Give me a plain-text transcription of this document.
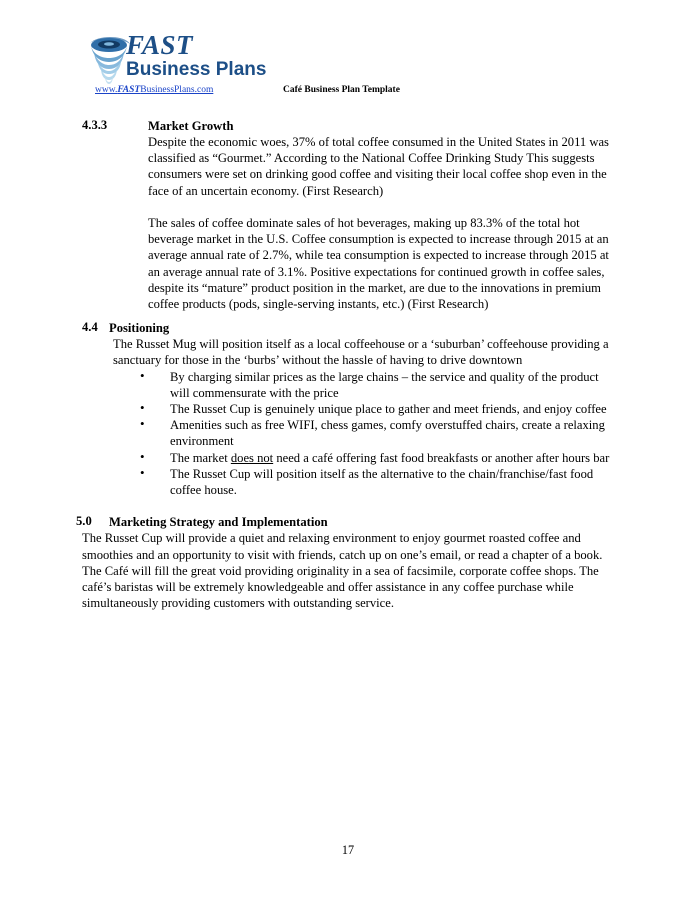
FAST
Business Plans
www.FASTBusinessPlans.com	Café Business Plan Template
4.3.3	Market Growth

Despite the economic woes, 37% of total coffee consumed in the United States in 2011 was classified as “Gourmet.” According to the National Coffee Drinking Study This suggests consumers were set on drinking good coffee and visiting their local coffee shop even in the face of an uncertain economy. (First Research)

The sales of coffee dominate sales of hot beverages, making up 83.3% of the total hot beverage market in the U.S. Coffee consumption is expected to increase through 2015 at an average annual rate of 2.7%, while tea consumption is expected to increase through 2015 at an average annual rate of 3.1%. Positive expectations for continued growth in coffee sales, despite its “mature” product position in the market, are due to the innovations in premium coffee products (pods, single-serving instants, etc.) (First Research)

4.4 Positioning

The Russet Mug will position itself as a local coffeehouse or a ‘suburban’ coffeehouse providing a sanctuary for those in the ‘burbs’ without the hassle of having to drive downtown

• By charging similar prices as the large chains – the service and quality of the product will commensurate with the price
• The Russet Cup is genuinely unique place to gather and meet friends, and enjoy coffee
• Amenities such as free WIFI, chess games, comfy overstuffed chairs, create a relaxing environment
• The market does not need a café offering fast food breakfasts or another after hours bar
• The Russet Cup will position itself as the alternative to the chain/franchise/fast food coffee house.
5.0 Marketing Strategy and Implementation

The Russet Cup will provide a quiet and relaxing environment to enjoy gourmet roasted coffee and smoothies and an opportunity to visit with friends, catch up on one’s email, or read a chapter of a book. The Café will fill the great void providing originality in a sea of facsimile, corporate coffee shops. The café’s baristas will be extremely knowledgeable and offer assistance in any coffee purchase while simultaneously providing customers with outstanding service.

17
